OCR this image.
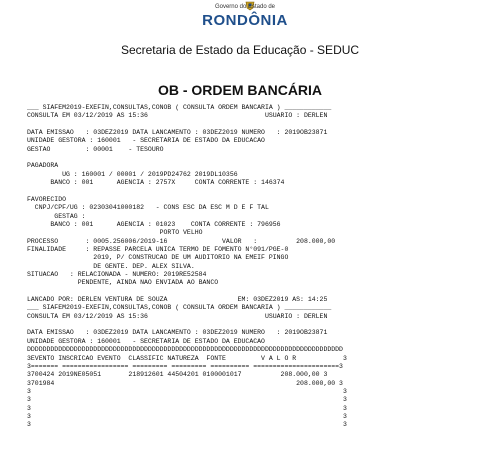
Governo do Estado de
RONDÔNIA
Secretaria de Estado da Educação - SEDUC
OB - ORDEM BANCÁRIA
___ SIAFEM2019-EXEFIN,CONSULTAS,CONOB ( CONSULTA ORDEM BANCARIA ) ____________
CONSULTA EM 03/12/2019 AS 15:36                              USUARIO : DERLEN
DATA EMISSAO   : 03DEZ2019 DATA LANCAMENTO : 03DEZ2019 NUMERO   : 2019OB23871
UNIDADE GESTORA : 160001   - SECRETARIA DE ESTADO DA EDUCACAO
GESTAO         : 00001    - TESOURO
PAGADORA
UG : 160001 / 00001 / 2019PD24762 2019DL10356
BANCO : 001      AGENCIA : 2757X     CONTA CORRENTE : 146374
FAVORECIDO
CNPJ/CPF/UG : 02303041000182   - CONS ESC DA ESC M D E F TAL
GESTAG :
BANCO : 001      AGENCIA : 01023    CONTA CORRENTE : 796956
PORTO VELHO
PROCESSO       : 0005.256006/2019-16              VALOR   :          208.000,00
FINALIDADE     : REPASSE PARCELA UNICA TERMO DE FOMENTO N°091/PGE-0
2019, P/ CONSTRUCAO DE UM AUDITORIO NA EMEIF PINGO
DE GENTE. DEP. ALEX SILVA.
SITUACAO   : RELACIONADA - NUMERO: 2019RE52584
PENDENTE, AINDA NAO ENVIADA AO BANCO
LANCADO POR: DERLEN VENTURA DE SOUZA                  EM: 03DEZ2019 AS: 14:25
___ SIAFEM2019-EXEFIN,CONSULTAS,CONOB ( CONSULTA ORDEM BANCARIA ) ____________
CONSULTA EM 03/12/2019 AS 15:36                              USUARIO : DERLEN
DATA EMISSAO   : 03DEZ2019 DATA LANCAMENTO : 03DEZ2019 NUMERO   : 2019OB23871
UNIDADE GESTORA : 160001   - SECRETARIA DE ESTADO DA EDUCACAO
DDDDDDDDDDDDDDDDDDDDDDDDDDDDDDDDDDDDDDDDDDDDDDDDDDDDDDDDDDDDDDDDDDDDDDDDDDDDDDDDD
3EVENTO INSCRICAO EVENTO  CLASSIFIC NATUREZA  FONTE         V A L O R            3
3======= ================= ========= ========= ========== ======================3
3700424 2019NE05051       218912601 44504201 0100001017          208.000,00 3
3701984                                                              208.000,00 3
3                                                                                3
3                                                                                3
3                                                                                3
3                                                                                3
3                                                                                3
